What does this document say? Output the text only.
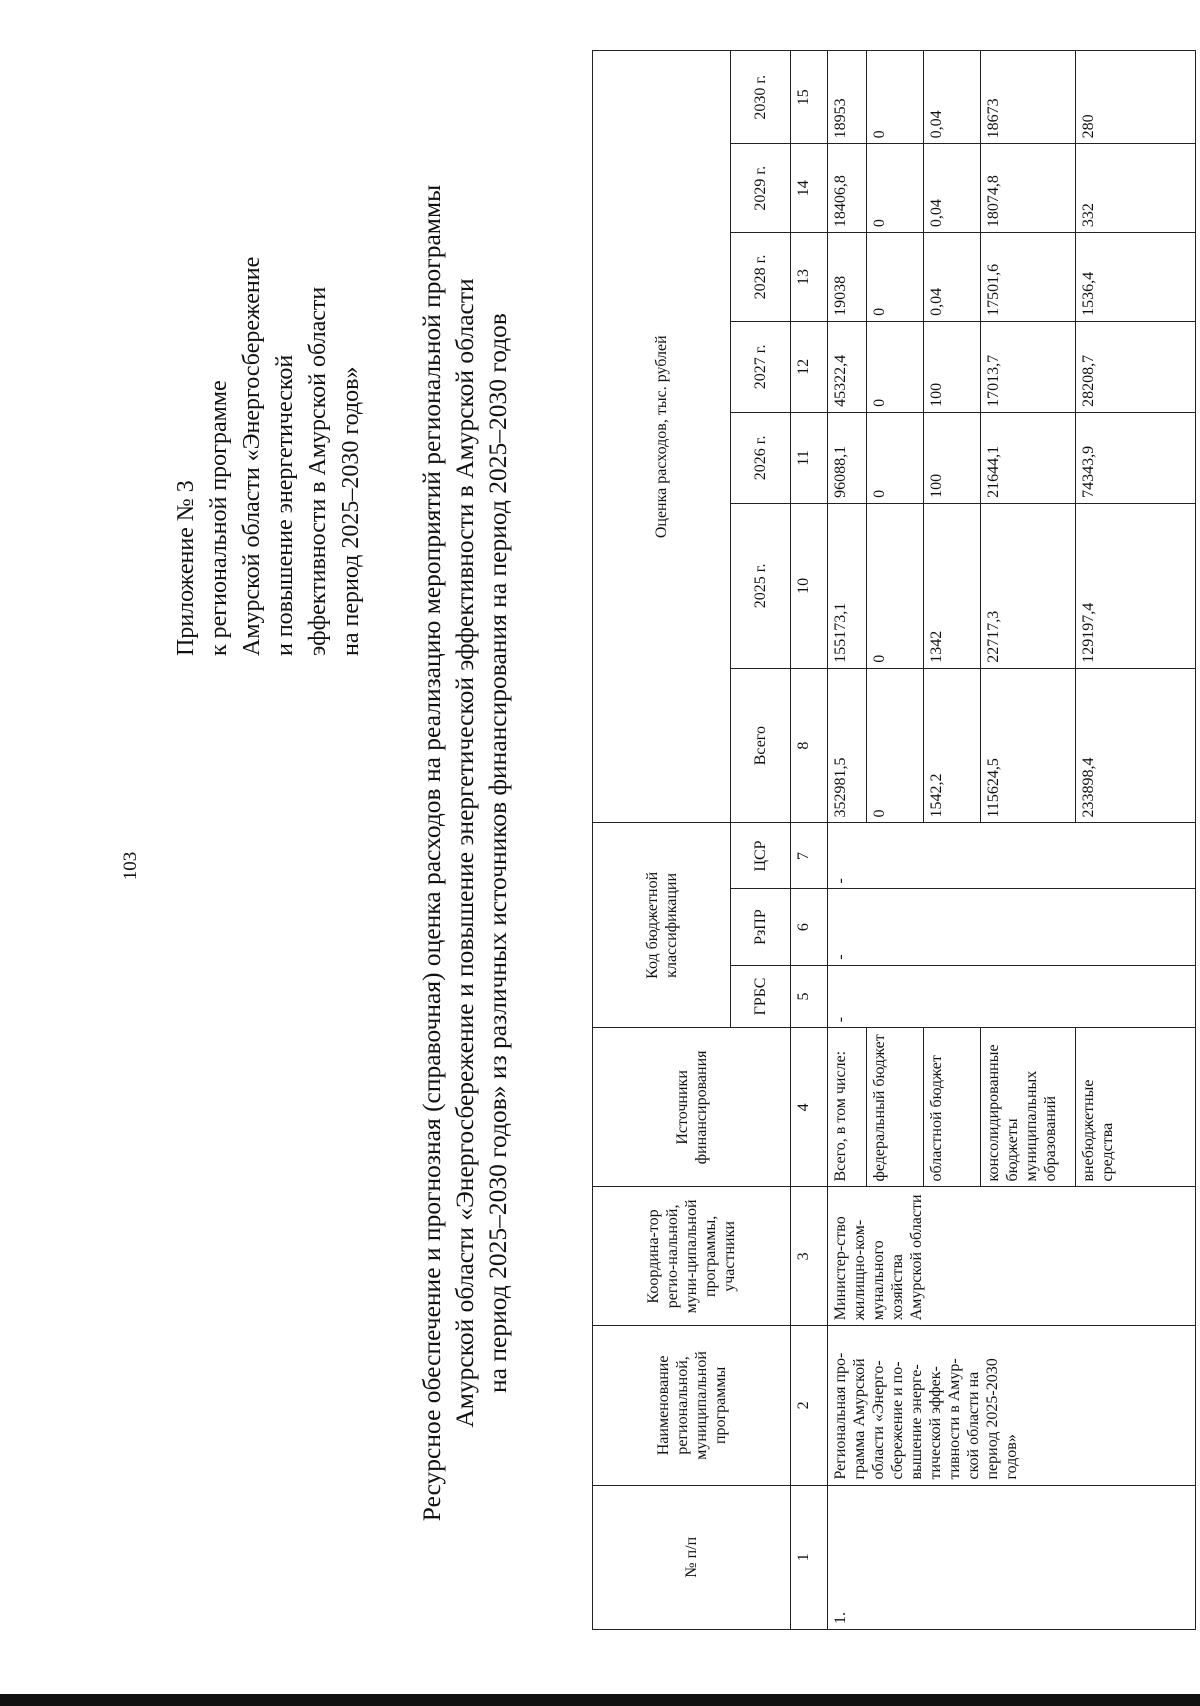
103
Приложение № 3 к региональной программе Амурской области «Энергосбережение и повышение энергетической эффективности в Амурской области на период 2025–2030 годов» Ресурсное обеспечение и прогнозная (справочная) оценка расходов на реализацию мероприятий региональной программы Амурской области «Энергосбережение и повышение энергетической эффективности в Амурской области на период 2025–2030 годов» из различных источников финансирования на период 2025–2030 годов
№ п/п	Наименование региональной, муниципальной программы	Координа-тор регио-нальной, муни-ципальной программы, участники	Источники финансирования	Код бюджетной классификации			Оценка расходов, тыс. рублей						
				ГРБС	РзПР	ЦСР	Всего	2025 г.	2026 г.	2027 г.	2028 г.	2029 г.	2030 г.
1	2	3	4	5	6	7	8	10	11	12	13	14	15
1.	Региональная про-грамма Амурской области «Энерго-сбережение и по-вышение энерге-тической эффек-тивности в Амур-ской области на период 2025-2030 годов»	Министер-ство жилищно-ком-мунального хозяйства Амурской области	Всего, в том числе:	-	-	-	352981,5	155173,1	96088,1	45322,4	19038	18406,8	18953
			федеральный бюджет				0	0	0	0	0	0	0
			областной бюджет				1542,2	1342	100	100	0,04	0,04	0,04
			консолидированные бюджеты муниципальных образований				115624,5	22717,3	21644,1	17013,7	17501,6	18074,8	18673
			внебюджетные средства				233898,4	129197,4	74343,9	28208,7	1536,4	332	280
